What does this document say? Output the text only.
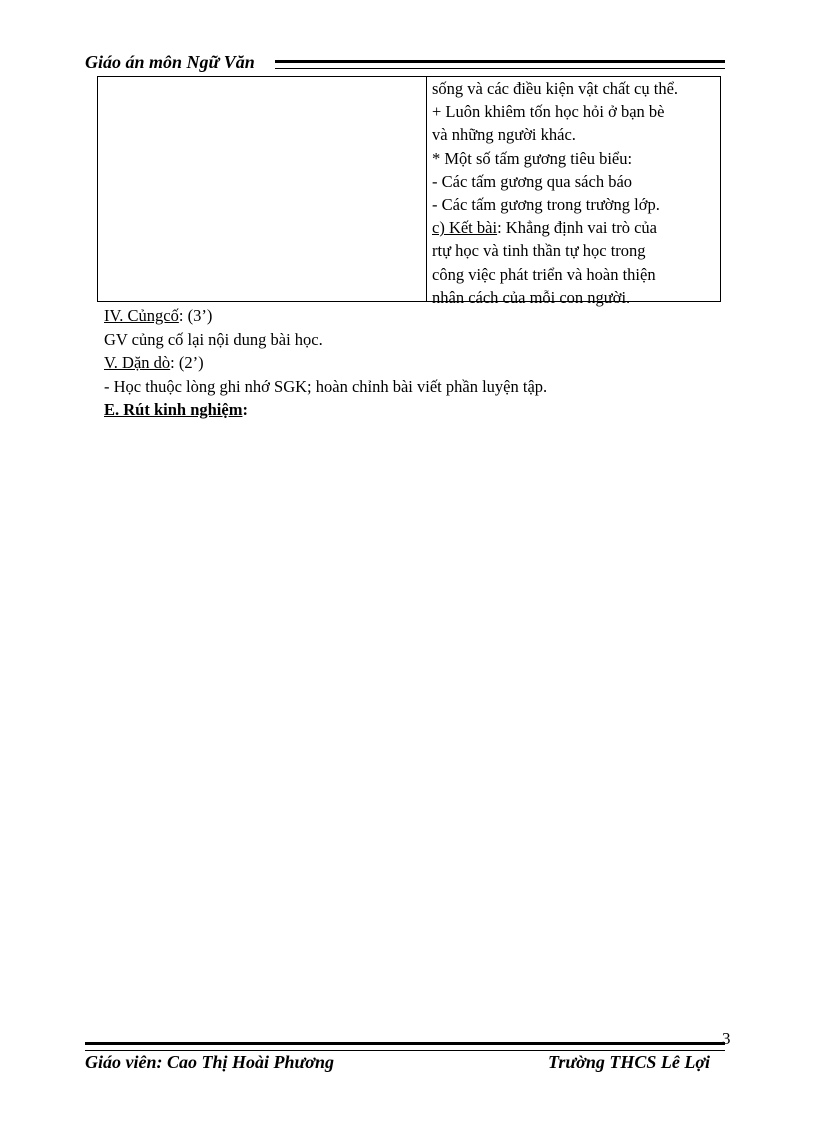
Giáo án môn Ngữ Văn
sống và các điều kiện vật chất cụ thể.
+ Luôn khiêm tốn học hỏi ở bạn bè
và những người khác.
* Một số tấm gương tiêu biểu:
- Các tấm gương qua sách báo
- Các tấm gương trong trường lớp.
c) Kết bài: Khẳng định vai trò của
rtự học và tinh thần tự học trong
công việc phát triển và hoàn thiện
nhân cách của mỗi con người.
IV. Củngcố: (3’)
GV củng cố lại nội dung bài học.
V. Dặn dò: (2’)
- Học thuộc lòng ghi nhớ SGK; hoàn chỉnh bài viết phần luyện tập.
E. Rút kinh nghiệm:
3
Giáo viên: Cao Thị Hoài Phương	Trường THCS Lê Lợi
